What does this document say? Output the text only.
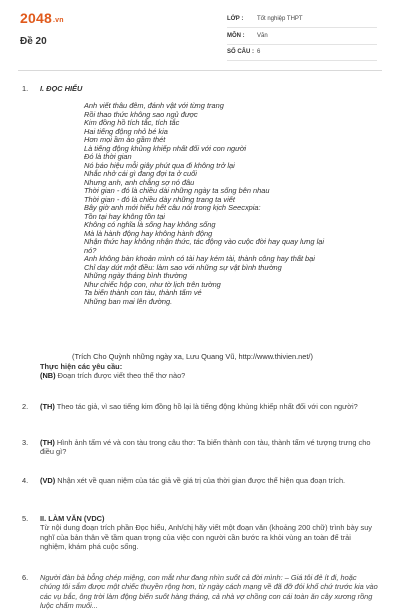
2048.vn
Đề 20
LỚP : Tốt nghiệp THPT
MÔN : Văn
SỐ CÂU : 6
1. I. ĐỌC HIỂU
Anh viết thâu đêm, đánh vật với từng trang
Rồi thao thức không sao ngủ được
Kim đồng hồ tích tắc, tích tắc
Hai tiếng động nhỏ bé kia
Hơn mọi ầm ào gầm thét
Là tiếng động khủng khiếp nhất đối với con người
Đó là thời gian
Nó báo hiệu mỗi giây phút qua đi không trở lại
Nhắc nhở cái gì đang đợi ta ở cuối
Nhưng anh, anh chẳng sợ nó đâu
Thời gian - đó là chiều dài những ngày ta sống bên nhau
Thời gian - đó là chiều dày những trang ta viết
Bây giờ anh mới hiểu hết câu nói trong kịch Seecxpia:
Tồn tại hay không tồn tại
Không có nghĩa là sống hay không sống
Mà là hành động hay không hành động
Nhận thức hay không nhận thức, tác động vào cuộc đời hay quay lưng lại
nó?
Anh không bàn khoản mình có tài hay kém tài, thành công hay thất bại
Chỉ day dứt một điều: làm sao với những sự vật bình thường
Những ngày tháng bình thường
Như chiếc hộp con, như tờ lịch trên tường
Ta biến thành con tàu, thành tấm vé
Những ban mai lên đường.
(Trích Cho Quỳnh những ngày xa, Lưu Quang Vũ, http://www.thivien.net/)
Thực hiện các yêu cầu:
(NB) Đoạn trích được viết theo thể thơ nào?
2. (TH) Theo tác giả, vì sao tiếng kim đồng hồ lại là tiếng động khủng khiếp nhất đối với con người?
3. (TH) Hình ảnh tấm vé và con tàu trong câu thơ: Ta biến thành con tàu, thành tấm vé tượng trưng cho điều gì?
4. (VD) Nhận xét về quan niệm của tác giả về giá trị của thời gian được thể hiện qua đoạn trích.
5. II. LÀM VĂN (VDC)
Từ nội dung đoạn trích phần Đọc hiểu, Anh/chị hãy viết một đoạn văn (khoảng 200 chữ) trình bày suy nghĩ của bản thân về tầm quan trọng của việc con người cần bước ra khỏi vùng an toàn để trải nghiệm, khám phá cuộc sống.
6. Người đàn bà bỗng chép miệng, con mắt như đang nhìn suốt cả đời mình: – Giá tôi đẻ ít đi, hoặc chúng tôi sắm được một chiếc thuyền rộng hơn, từ ngày cách mạng về đã đỡ đói khổ chứ trước kia vào các vụ bắc, ông trời làm động biển suốt hàng tháng, cả nhà vợ chồng con cái toàn ăn cây xương rồng luộc chấm muối...
